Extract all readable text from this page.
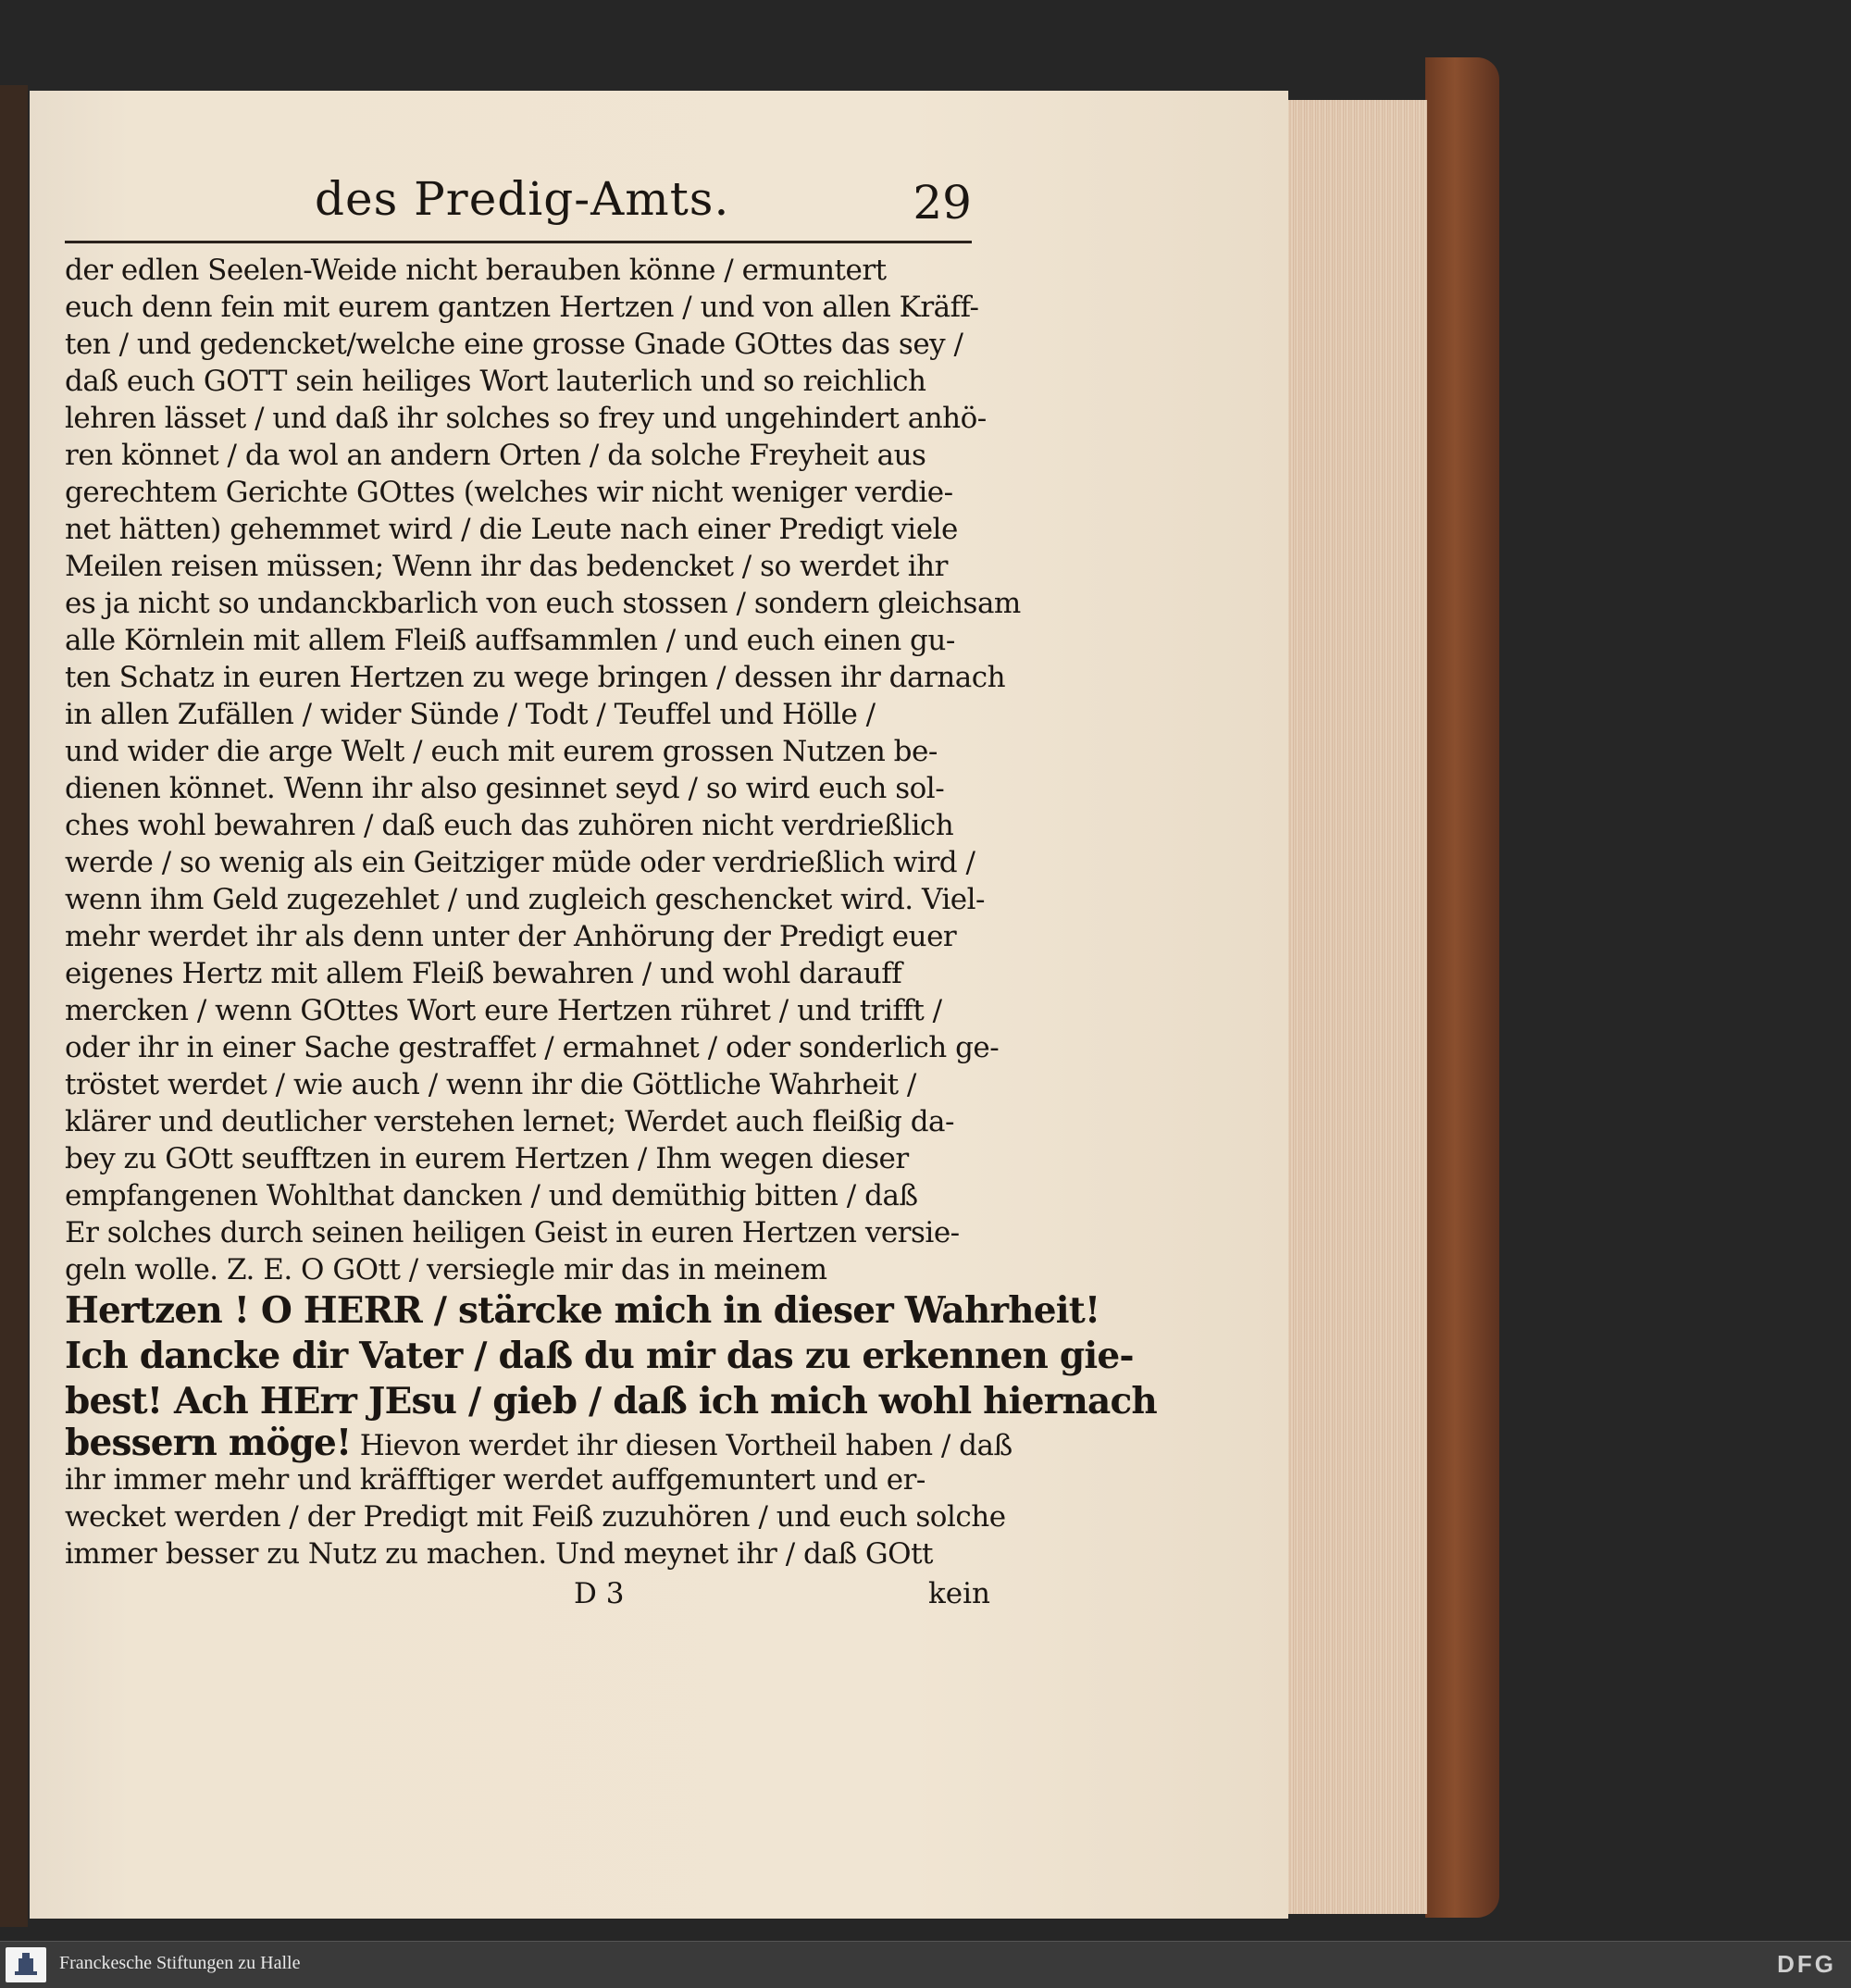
des Predig-Amts.	29
der edlen Seelen-Weide nicht berauben könne / ermuntert
euch denn fein mit eurem gantzen Hertzen / und von allen Kräff-
ten / und gedencket/welche eine grosse Gnade GOttes das sey /
daß euch GOTT sein heiliges Wort lauterlich und so reichlich
lehren lässet / und daß ihr solches so frey und ungehindert anhö-
ren könnet / da wol an andern Orten / da solche Freyheit aus
gerechtem Gerichte GOttes (welches wir nicht weniger verdie-
net hätten) gehemmet wird / die Leute nach einer Predigt viele
Meilen reisen müssen; Wenn ihr das bedencket / so werdet ihr
es ja nicht so undanckbarlich von euch stossen / sondern gleichsam
alle Körnlein mit allem Fleiß auffsammlen / und euch einen gu-
ten Schatz in euren Hertzen zu wege bringen / dessen ihr darnach
in allen Zufällen / wider Sünde / Todt / Teuffel und Hölle /
und wider die arge Welt / euch mit eurem grossen Nutzen be-
dienen könnet. Wenn ihr also gesinnet seyd / so wird euch sol-
ches wohl bewahren / daß euch das zuhören nicht verdrießlich
werde / so wenig als ein Geitziger müde oder verdrießlich wird /
wenn ihm Geld zugezehlet / und zugleich geschencket wird. Viel-
mehr werdet ihr als denn unter der Anhörung der Predigt euer
eigenes Hertz mit allem Fleiß bewahren / und wohl darauff
mercken / wenn GOttes Wort eure Hertzen rühret / und trifft /
oder ihr in einer Sache gestraffet / ermahnet / oder sonderlich ge-
tröstet werdet / wie auch / wenn ihr die Göttliche Wahrheit /
klärer und deutlicher verstehen lernet; Werdet auch fleißig da-
bey zu GOtt seufftzen in eurem Hertzen / Ihm wegen dieser
empfangenen Wohlthat dancken / und demüthig bitten / daß
Er solches durch seinen heiligen Geist in euren Hertzen versie-
geln wolle. Z. E. O GOtt / versiegle mir das in meinem
Hertzen ! O HERR / stärcke mich in dieser Wahrheit!
Ich dancke dir Vater / daß du mir das zu erkennen gie-
best! Ach HErr JEsu / gieb / daß ich mich wohl hiernach
bessern möge! Hievon werdet ihr diesen Vortheil haben / daß
ihr immer mehr und kräfftiger werdet auffgemuntert und er-
wecket werden / der Predigt mit Feiß zuzuhören / und euch solche
immer besser zu Nutz zu machen. Und meynet ihr / daß GOtt
D 3	kein
Franckesche Stiftungen zu Halle	DFG
